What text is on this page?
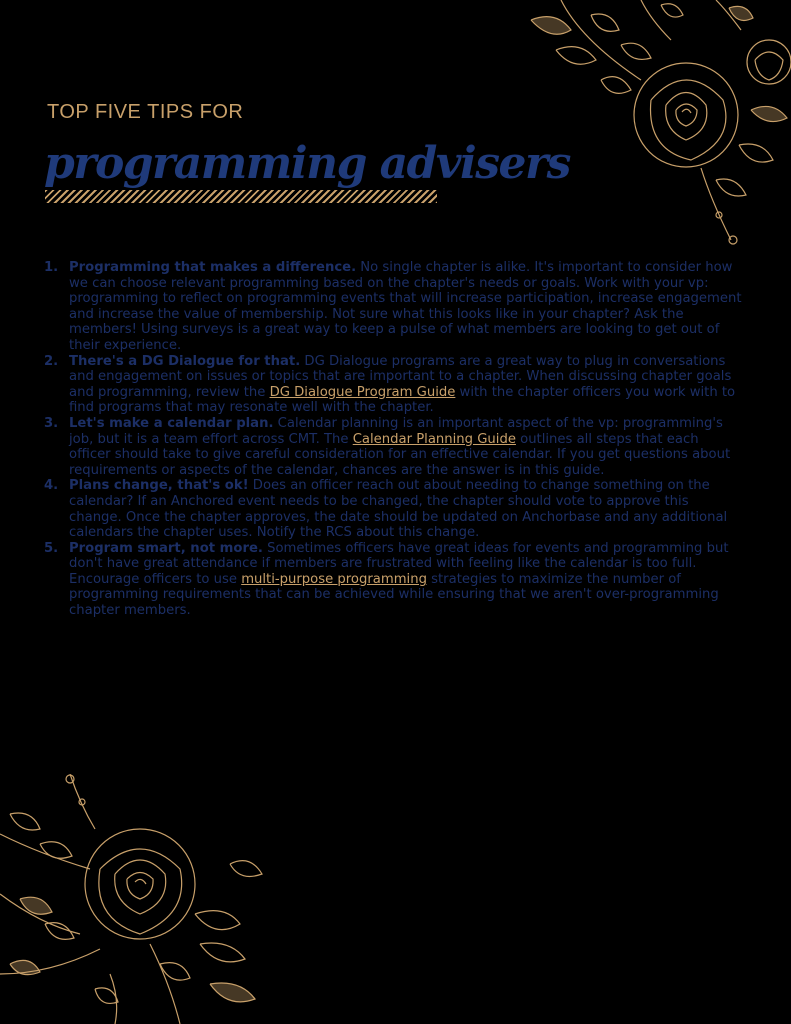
TOP FIVE TIPS FOR
programming advisers
1. Programming that makes a difference. No single chapter is alike. It's important to consider how we can choose relevant programming based on the chapter's needs or goals. Work with your vp: programming to reflect on programming events that will increase participation, increase engagement and increase the value of membership. Not sure what this looks like in your chapter? Ask the members! Using surveys is a great way to keep a pulse of what members are looking to get out of their experience.
2. There's a DG Dialogue for that. DG Dialogue programs are a great way to plug in conversations and engagement on issues or topics that are important to a chapter. When discussing chapter goals and programming, review the DG Dialogue Program Guide with the chapter officers you work with to find programs that may resonate well with the chapter.
3. Let's make a calendar plan. Calendar planning is an important aspect of the vp: programming's job, but it is a team effort across CMT. The Calendar Planning Guide outlines all steps that each officer should take to give careful consideration for an effective calendar. If you get questions about requirements or aspects of the calendar, chances are the answer is in this guide.
4. Plans change, that's ok! Does an officer reach out about needing to change something on the calendar? If an Anchored event needs to be changed, the chapter should vote to approve this change. Once the chapter approves, the date should be updated on Anchorbase and any additional calendars the chapter uses. Notify the RCS about this change.
5. Program smart, not more. Sometimes officers have great ideas for events and programming but don't have great attendance if members are frustrated with feeling like the calendar is too full. Encourage officers to use multi-purpose programming strategies to maximize the number of programming requirements that can be achieved while ensuring that we aren't over-programming chapter members.
